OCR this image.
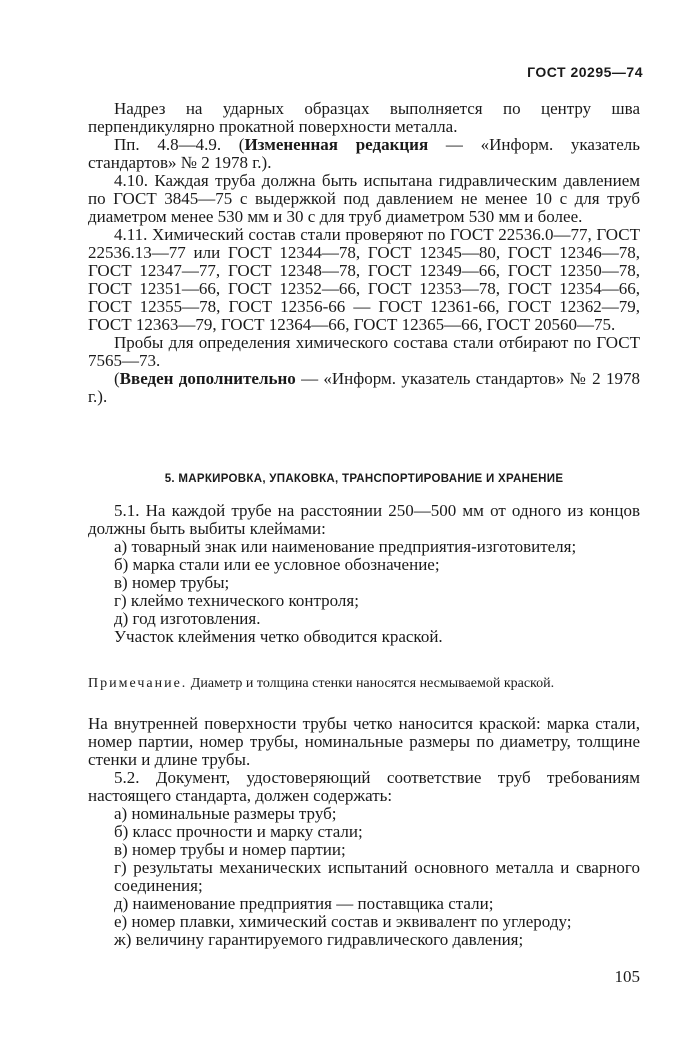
ГОСТ 20295—74

Надрез на ударных образцах выполняется по центру шва перпендикулярно прокатной поверхности металла.

Пп. 4.8—4.9. (Измененная редакция — «Информ. указатель стандартов» № 2 1978 г.).

4.10. Каждая труба должна быть испытана гидравлическим давлением по ГОСТ 3845—75 с выдержкой под давлением не менее 10 с для труб диаметром менее 530 мм и 30 с для труб диаметром 530 мм и более.

4.11. Химический состав стали проверяют по ГОСТ 22536.0—77, ГОСТ 22536.13—77 или ГОСТ 12344—78, ГОСТ 12345—80, ГОСТ 12346—78, ГОСТ 12347—77, ГОСТ 12348—78, ГОСТ 12349—66, ГОСТ 12350—78, ГОСТ 12351—66, ГОСТ 12352—66, ГОСТ 12353—78, ГОСТ 12354—66, ГОСТ 12355—78, ГОСТ 12356-66 — ГОСТ 12361-66, ГОСТ 12362—79, ГОСТ 12363—79, ГОСТ 12364—66, ГОСТ 12365—66, ГОСТ 20560—75.

Пробы для определения химического состава стали отбирают по ГОСТ 7565—73.

(Введен дополнительно — «Информ. указатель стандартов» № 2 1978 г.).

5. МАРКИРОВКА, УПАКОВКА, ТРАНСПОРТИРОВАНИЕ И ХРАНЕНИЕ

5.1. На каждой трубе на расстоянии 250—500 мм от одного из концов должны быть выбиты клеймами:

а) товарный знак или наименование предприятия-изготовителя;

б) марка стали или ее условное обозначение;

в) номер трубы;

г) клеймо технического контроля;

д) год изготовления.

Участок клеймения четко обводится краской.

Примечание. Диаметр и толщина стенки наносятся несмываемой краской.

На внутренней поверхности трубы четко наносится краской: марка стали, номер партии, номер трубы, номинальные размеры по диаметру, толщине стенки и длине трубы.

5.2. Документ, удостоверяющий соответствие труб требованиям настоящего стандарта, должен содержать:

а) номинальные размеры труб;

б) класс прочности и марку стали;

в) номер трубы и номер партии;

г) результаты механических испытаний основного металла и сварного соединения;

д) наименование предприятия — поставщика стали;

е) номер плавки, химический состав и эквивалент по углероду;

ж) величину гарантируемого гидравлического давления;

105
